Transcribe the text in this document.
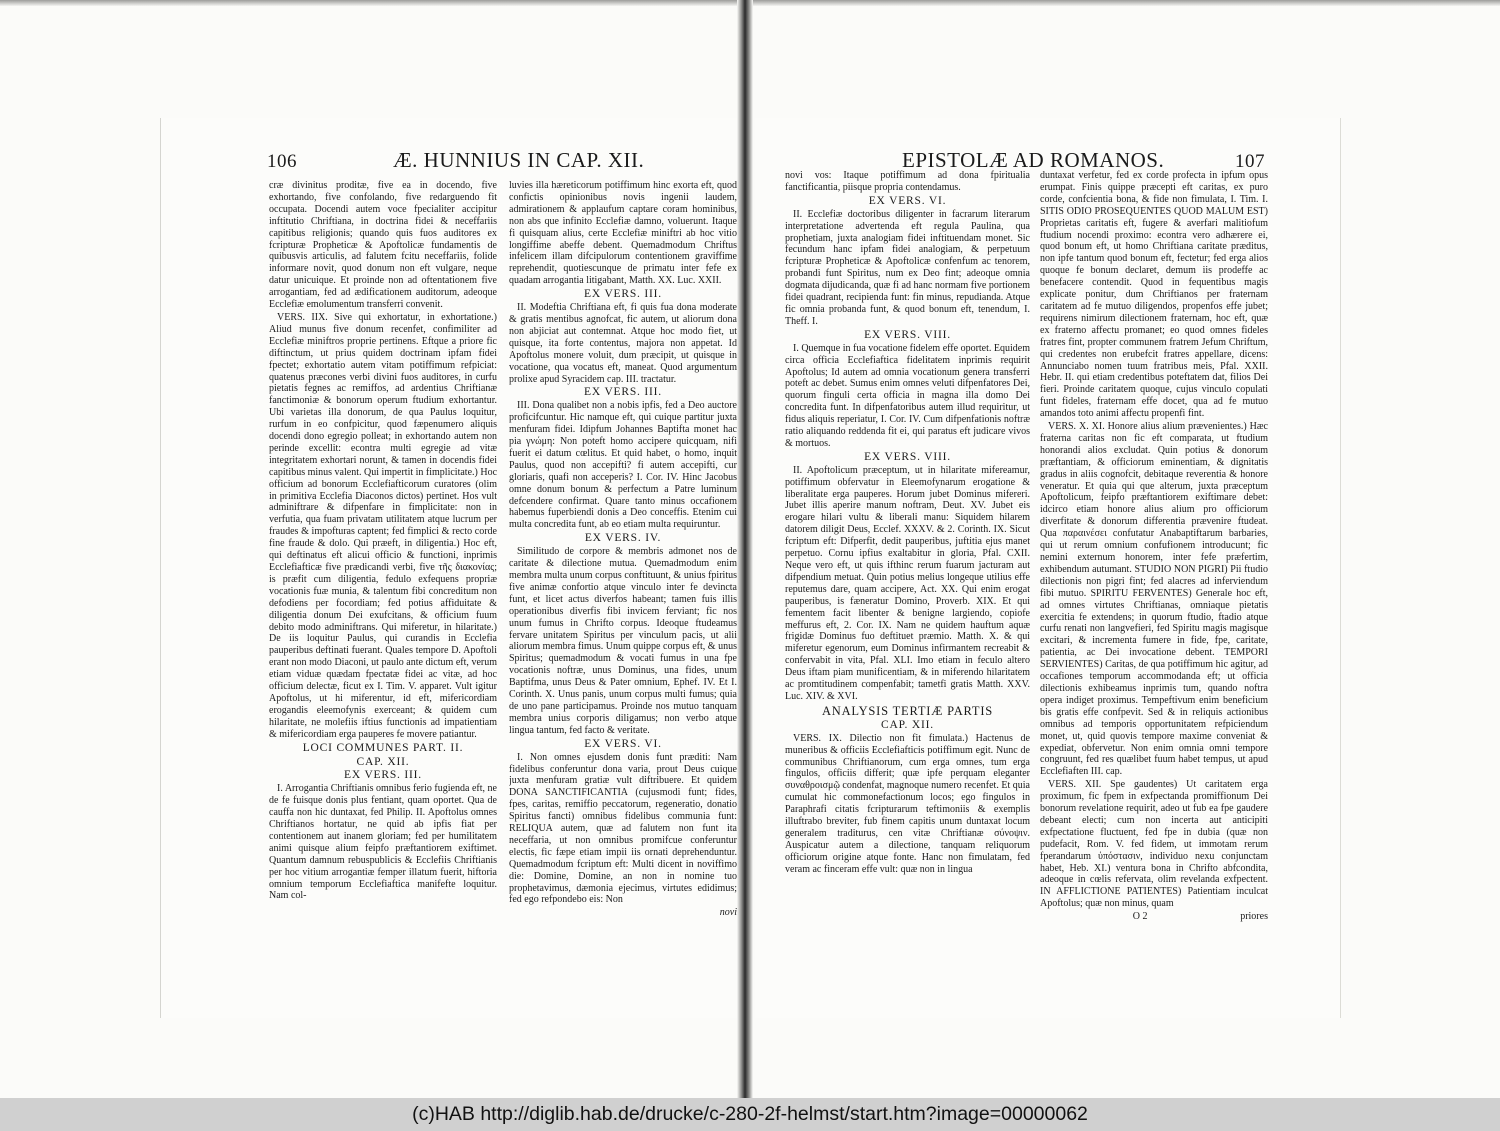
106	Æ. HUNNIUS IN CAP. XII.

cræ divinitus proditæ, five ea in docendo, five exhortando, five confolando, five redarguendo fit occupata. Docendi autem voce fpecialiter accipitur inftitutio Chriftiana, in doctrina fidei & neceffariis capitibus religionis; quando quis fuos auditores ex fcripturæ Propheticæ & Apoftolicæ fundamentis de quibusvis articulis, ad falutem fcitu neceffariis, folide informare novit, quod donum non eft vulgare, neque datur unicuique. Et proinde non ad oftentationem five arrogantiam, fed ad ædificationem auditorum, adeoque Ecclefiæ emolumentum transferri convenit.

VERS. IIX. Sive qui exhortatur, in exhortatione.) Aliud munus five donum recenfet, confimiliter ad Ecclefiæ miniftros proprie pertinens. Eftque a priore fic diftinctum, ut prius quidem doctrinam ipfam fidei fpectet; exhortatio autem vitam potiffimum refpiciat: quatenus præcones verbi divini fuos auditores, in curfu pietatis fegnes ac remiffos, ad ardentius Chriftianæ fanctimoniæ & bonorum operum ftudium exhortantur. Ubi varietas illa donorum, de qua Paulus loquitur, rurfum in eo confpicitur, quod fæpenumero aliquis docendi dono egregio polleat; in exhortando autem non perinde excellit: econtra multi egregie ad vitæ integritatem exhortari norunt, & tamen in docendis fidei capitibus minus valent. Qui impertit in fimplicitate.) Hoc officium ad bonorum Ecclefiafticorum curatores (olim in primitiva Ecclefia Diaconos dictos) pertinet. Hos vult adminiftrare & difpenfare in fimplicitate: non in verfutia, qua fuam privatam utilitatem atque lucrum per fraudes & impofturas captent; fed fimplici & recto corde fine fraude & dolo. Qui præeft, in diligentia.) Hoc eft, qui deftinatus eft alicui officio & functioni, inprimis Ecclefiafticæ five prædicandi verbi, five τῆς διακονίας; is præfit cum diligentia, fedulo exfequens propriæ vocationis fuæ munia, & talentum fibi concreditum non defodiens per focordiam; fed potius affiduitate & diligentia donum Dei exufcitans, & officium fuum debito modo adminiftrans. Qui miferetur, in hilaritate.) De iis loquitur Paulus, qui curandis in Ecclefia pauperibus deftinati fuerant. Quales tempore D. Apoftoli erant non modo Diaconi, ut paulo ante dictum eft, verum etiam viduæ quædam fpectatæ fidei ac vitæ, ad hoc officium delectæ, ficut ex I. Tim. V. apparet. Vult igitur Apoftolus, ut hi miferentur, id eft, mifericordiam erogandis eleemofynis exerceant; & quidem cum hilaritate, ne molefiis iftius functionis ad impatientiam & mifericordiam erga pauperes fe movere patiantur.

LOCI COMMUNES PART. II.
CAP. XII.
EX VERS. III.

I. Arrogantia Chriftianis omnibus ferio fugienda eft, ne de fe fuisque donis plus fentiant, quam oportet. Qua de cauffa non hic duntaxat, fed Philip. II. Apoftolus omnes Chriftianos hortatur, ne quid ab ipfis fiat per contentionem aut inanem gloriam; fed per humilitatem animi quisque alium feipfo præftantiorem exiftimet. Quantum damnum rebuspublicis & Ecclefiis Chriftianis per hoc vitium arrogantiæ femper illatum fuerit, hiftoria omnium temporum Ecclefiaftica manifefte loquitur. Nam col-

luvies illa hæreticorum potiffimum hinc exorta eft, quod confictis opinionibus novis ingenii laudem, admirationem & applaufum captare coram hominibus, non abs que infinito Ecclefiæ damno, voluerunt. Itaque fi quisquam alius, certe Ecclefiæ miniftri ab hoc vitio longiffime abeffe debent. Quemadmodum Chriftus infelicem illam difcipulorum contentionem graviffime reprehendit, quotiescunque de primatu inter fefe ex quadam arrogantia litigabant, Matth. XX. Luc. XXII.

EX VERS. III.

II. Modeftia Chriftiana eft, fi quis fua dona moderate & gratis mentibus agnofcat, fic autem, ut aliorum dona non abjiciat aut contemnat. Atque hoc modo fiet, ut quisque, ita forte contentus, majora non appetat. Id Apoftolus monere voluit, dum præcipit, ut quisque in vocatione, qua vocatus eft, maneat. Quod argumentum prolixe apud Syracidem cap. III. tractatur.

EX VERS. III.

III. Dona qualibet non a nobis ipfis, fed a Deo auctore proficifcuntur. Hic namque eft, qui cuique partitur juxta menfuram fidei. Idipfum Johannes Baptifta monet hac pia γνώμη: Non poteft homo accipere quicquam, nifi fuerit ei datum cœlitus. Et quid habet, o homo, inquit Paulus, quod non accepifti? fi autem accepifti, cur gloriaris, quafi non acceperis? I. Cor. IV. Hinc Jacobus omne donum bonum & perfectum a Patre luminum defcendere confirmat. Quare tanto minus occafionem habemus fuperbiendi donis a Deo conceffis. Etenim cui multa concredita funt, ab eo etiam multa requiruntur.

EX VERS. IV.

Similitudo de corpore & membris admonet nos de caritate & dilectione mutua. Quemadmodum enim membra multa unum corpus conftituunt, & unius fpiritus five animæ confortio atque vinculo inter fe devincta funt, et licet actus diverfos habeant; tamen fuis illis operationibus diverfis fibi invicem ferviant; fic nos unum fumus in Chrifto corpus. Ideoque ftudeamus fervare unitatem Spiritus per vinculum pacis, ut alii aliorum membra fimus. Unum quippe corpus eft, & unus Spiritus; quemadmodum & vocati fumus in una fpe vocationis noftræ, unus Dominus, una fides, unum Baptifma, unus Deus & Pater omnium, Ephef. IV. Et I. Corinth. X. Unus panis, unum corpus multi fumus; quia de uno pane participamus. Proinde nos mutuo tanquam membra unius corporis diligamus; non verbo atque lingua tantum, fed facto & veritate.

EX VERS. VI.

I. Non omnes ejusdem donis funt præditi: Nam fidelibus conferuntur dona varia, prout Deus cuique juxta menfuram gratiæ vult diftribuere. Et quidem DONA SANCTIFICANTIA (cujusmodi funt; fides, fpes, caritas, remiffio peccatorum, regeneratio, donatio Spiritus fancti) omnibus fidelibus communia funt: RELIQUA autem, quæ ad falutem non funt ita neceffaria, ut non omnibus promifcue conferuntur electis, fic fæpe etiam impii iis ornati deprehenduntur. Quemadmodum fcriptum eft: Multi dicent in noviffimo die: Domine, Domine, an non in nomine tuo prophetavimus, dæmonia ejecimus, virtutes edidimus; fed ego refpondebo eis: Non

novi

EPISTOLÆ AD ROMANOS.	107

novi vos: Itaque potiffimum ad dona fpiritualia fanctificantia, piisque propria contendamus.

EX VERS. VI.

II. Ecclefiæ doctoribus diligenter in facrarum literarum interpretatione advertenda eft regula Paulina, qua prophetiam, juxta analogiam fidei inftituendam monet. Sic fecundum hanc ipfam fidei analogiam, & perpetuum fcripturæ Propheticæ & Apoftolicæ confenfum ac tenorem, probandi funt Spiritus, num ex Deo fint; adeoque omnia dogmata dijudicanda, quæ fi ad hanc normam five portionem fidei quadrant, recipienda funt: fin minus, repudianda. Atque fic omnia probanda funt, & quod bonum eft, tenendum, I. Theff. I.

EX VERS. VIII.

I. Quemque in fua vocatione fidelem effe oportet. Equidem circa officia Ecclefiaftica fidelitatem inprimis requirit Apoftolus; Id autem ad omnia vocationum genera transferri poteft ac debet. Sumus enim omnes veluti difpenfatores Dei, quorum finguli certa officia in magna illa domo Dei concredita funt. In difpenfatoribus autem illud requiritur, ut fidus aliquis reperiatur, I. Cor. IV. Cum difpenfationis noftræ ratio aliquando reddenda fit ei, qui paratus eft judicare vivos & mortuos.

EX VERS. VIII.

II. Apoftolicum præceptum, ut in hilaritate mifereamur, potiffimum obfervatur in Eleemofynarum erogatione & liberalitate erga pauperes. Horum jubet Dominus mifereri. Jubet illis aperire manum noftram, Deut. XV. Jubet eis erogare hilari vultu & liberali manu: Siquidem hilarem datorem diligit Deus, Ecclef. XXXV. & 2. Corinth. IX. Sicut fcriptum eft: Difperfit, dedit pauperibus, juftitia ejus manet perpetuo. Cornu ipfius exaltabitur in gloria, Pfal. CXII. Neque vero eft, ut quis ifthinc rerum fuarum jacturam aut difpendium metuat. Quin potius melius longeque utilius effe reputemus dare, quam accipere, Act. XX. Qui enim erogat pauperibus, is fæneratur Domino, Proverb. XIX. Et qui fementem facit libenter & benigne largiendo, copiofe meffurus eft, 2. Cor. IX. Nam ne quidem hauftum aquæ frigidæ Dominus fuo deftituet præmio. Matth. X. & qui miferetur egenorum, eum Dominus infirmantem recreabit & confervabit in vita, Pfal. XLI. Imo etiam in feculo altero Deus iftam piam munificentiam, & in miferendo hilaritatem ac promtitudinem compenfabit; tametfi gratis Matth. XXV. Luc. XIV. & XVI.

ANALYSIS TERTIÆ PARTIS
CAP. XII.

VERS. IX. Dilectio non fit fimulata.) Hactenus de muneribus & officiis Ecclefiafticis potiffimum egit. Nunc de communibus Chriftianorum, cum erga omnes, tum erga fingulos, officiis differit; quæ ipfe perquam eleganter συναθροισμῷ condenfat, magnoque numero recenfet. Et quia cumulat hic commonefactionum locos; ego fingulos in Paraphrafi citatis fcripturarum teftimoniis & exemplis illuftrabo breviter, fub finem capitis unum duntaxat locum generalem traditurus, cen vitæ Chriftianæ σύνοψιν. Auspicatur autem a dilectione, tanquam reliquorum officiorum origine atque fonte. Hanc non fimulatam, fed veram ac finceram effe vult: quæ non in lingua

duntaxat verfetur, fed ex corde profecta in ipfum opus erumpat. Finis quippe præcepti eft caritas, ex puro corde, confcientia bona, & fide non fimulata, I. Tim. I. SITIS ODIO PROSEQUENTES QUOD MALUM EST) Proprietas caritatis eft, fugere & averfari malitiofum ftudium nocendi proximo: econtra vero adhærere ei, quod bonum eft, ut homo Chriftiana caritate præditus, non ipfe tantum quod bonum eft, fectetur; fed erga alios quoque fe bonum declaret, demum iis prodeffe ac benefacere contendit. Quod in fequentibus magis explicate ponitur, dum Chriftianos per fraternam caritatem ad fe mutuo diligendos, propenfos effe jubet; requirens nimirum dilectionem fraternam, hoc eft, quæ ex fraterno affectu promanet; eo quod omnes fideles fratres fint, propter communem fratrem Jefum Chriftum, qui credentes non erubefcit fratres appellare, dicens: Annunciabo nomen tuum fratribus meis, Pfal. XXII. Hebr. II. qui etiam credentibus poteftatem dat, filios Dei fieri. Proinde caritatem quoque, cujus vinculo copulati funt fideles, fraternam effe docet, qua ad fe mutuo amandos toto animi affectu propenfi fint.

VERS. X. XI. Honore alius alium prævenientes.) Hæc fraterna caritas non fic eft comparata, ut ftudium honorandi alios excludat. Quin potius & donorum præftantiam, & officiorum eminentiam, & dignitatis gradus in aliis cognofcit, debitaque reverentia & honore veneratur. Et quia qui que alterum, juxta præceptum Apoftolicum, feipfo præftantiorem exiftimare debet: idcirco etiam honore alius alium pro officiorum diverfitate & donorum differentia prævenire ftudeat. Qua παραινέσει confutatur Anabaptiftarum barbaries, qui ut rerum omnium confufionem introducunt; fic nemini externum honorem, inter fefe præfertim, exhibendum autumant. STUDIO NON PIGRI) Pii ftudio dilectionis non pigri fint; fed alacres ad inferviendum fibi mutuo. SPIRITU FERVENTES) Generale hoc eft, ad omnes virtutes Chriftianas, omniaque pietatis exercitia fe extendens; in quorum ftudio, ftadio atque curfu renati non langvefieri, fed Spiritu magis magisque excitari, & incrementa fumere in fide, fpe, caritate, patientia, ac Dei invocatione debent. TEMPORI SERVIENTES) Caritas, de qua potiffimum hic agitur, ad occafiones temporum accommodanda eft; ut officia dilectionis exhibeamus inprimis tum, quando noftra opera indiget proximus. Tempeftivum enim beneficium bis gratis effe confpevit. Sed & in reliquis actionibus omnibus ad temporis opportunitatem refpiciendum monet, ut, quid quovis tempore maxime conveniat & expediat, obfervetur. Non enim omnia omni tempore congruunt, fed res quælibet fuum habet tempus, ut apud Ecclefiaften III. cap.

VERS. XII. Spe gaudentes) Ut caritatem erga proximum, fic fpem in exfpectanda promiffionum Dei bonorum revelatione requirit, adeo ut fub ea fpe gaudere debeant electi; cum non incerta aut anticipiti exfpectatione fluctuent, fed fpe in dubia (quæ non pudefacit, Rom. V. fed fidem, ut immotam rerum fperandarum ὑπόστασιν, individuo nexu conjunctam habet, Heb. XI.) ventura bona in Chrifto abfcondita, adeoque in cœlis refervata, olim revelanda exfpectent. IN AFFLICTIONE PATIENTES) Patientiam inculcat Apoftolus; quæ non minus, quam

O 2	priores

(c)HAB http://diglib.hab.de/drucke/c-280-2f-helmst/start.htm?image=00000062
